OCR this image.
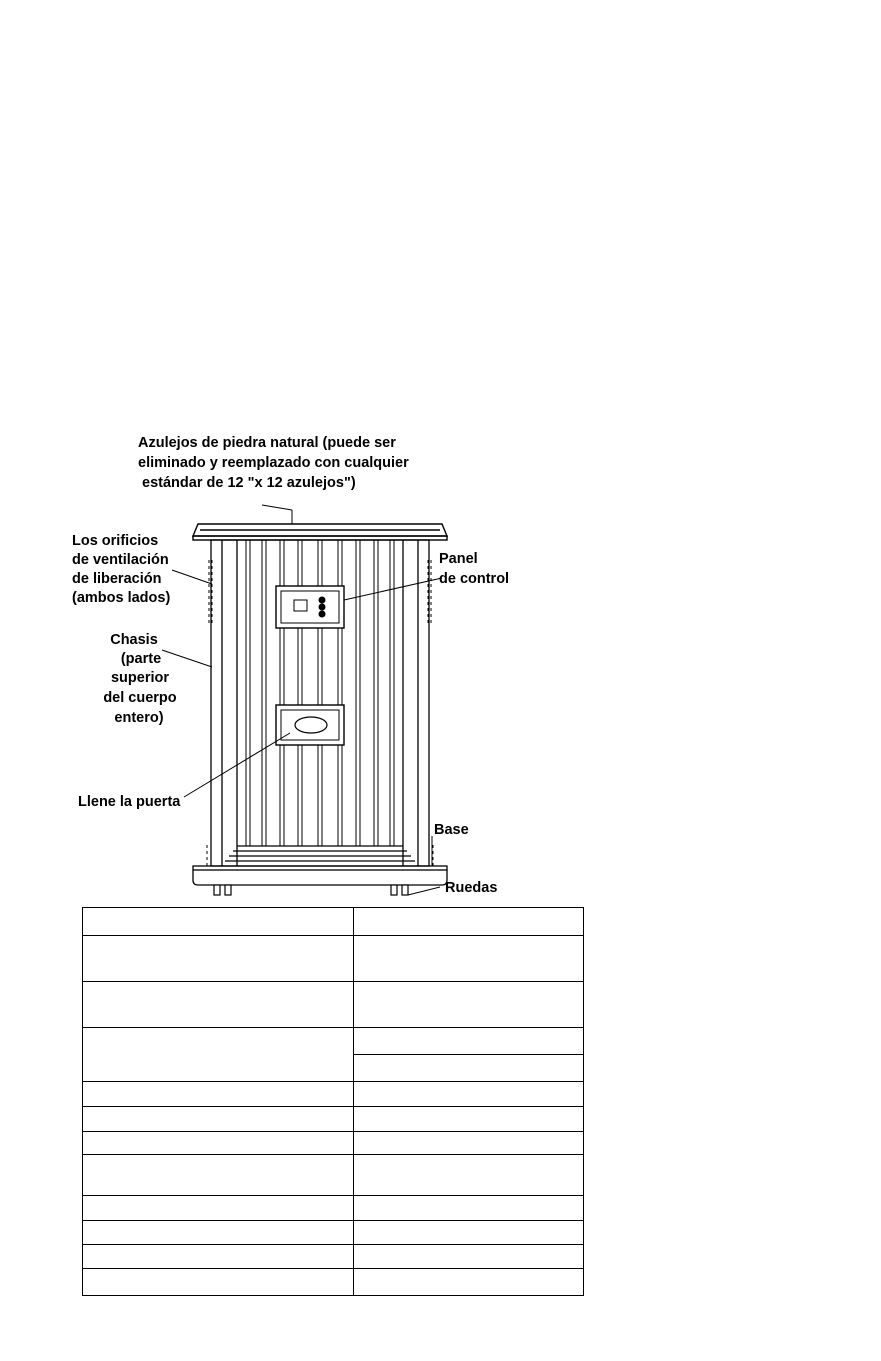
Azulejos de piedra natural (puede ser
eliminado y reemplazado con cualquier
estándar de 12 "x 12 azulejos")
Los orificios
de ventilación
de liberación
(ambos lados)
Chasis
(parte
superior
del cuerpo
entero)
Llene la puerta
Panel
de control
Base
Ruedas
